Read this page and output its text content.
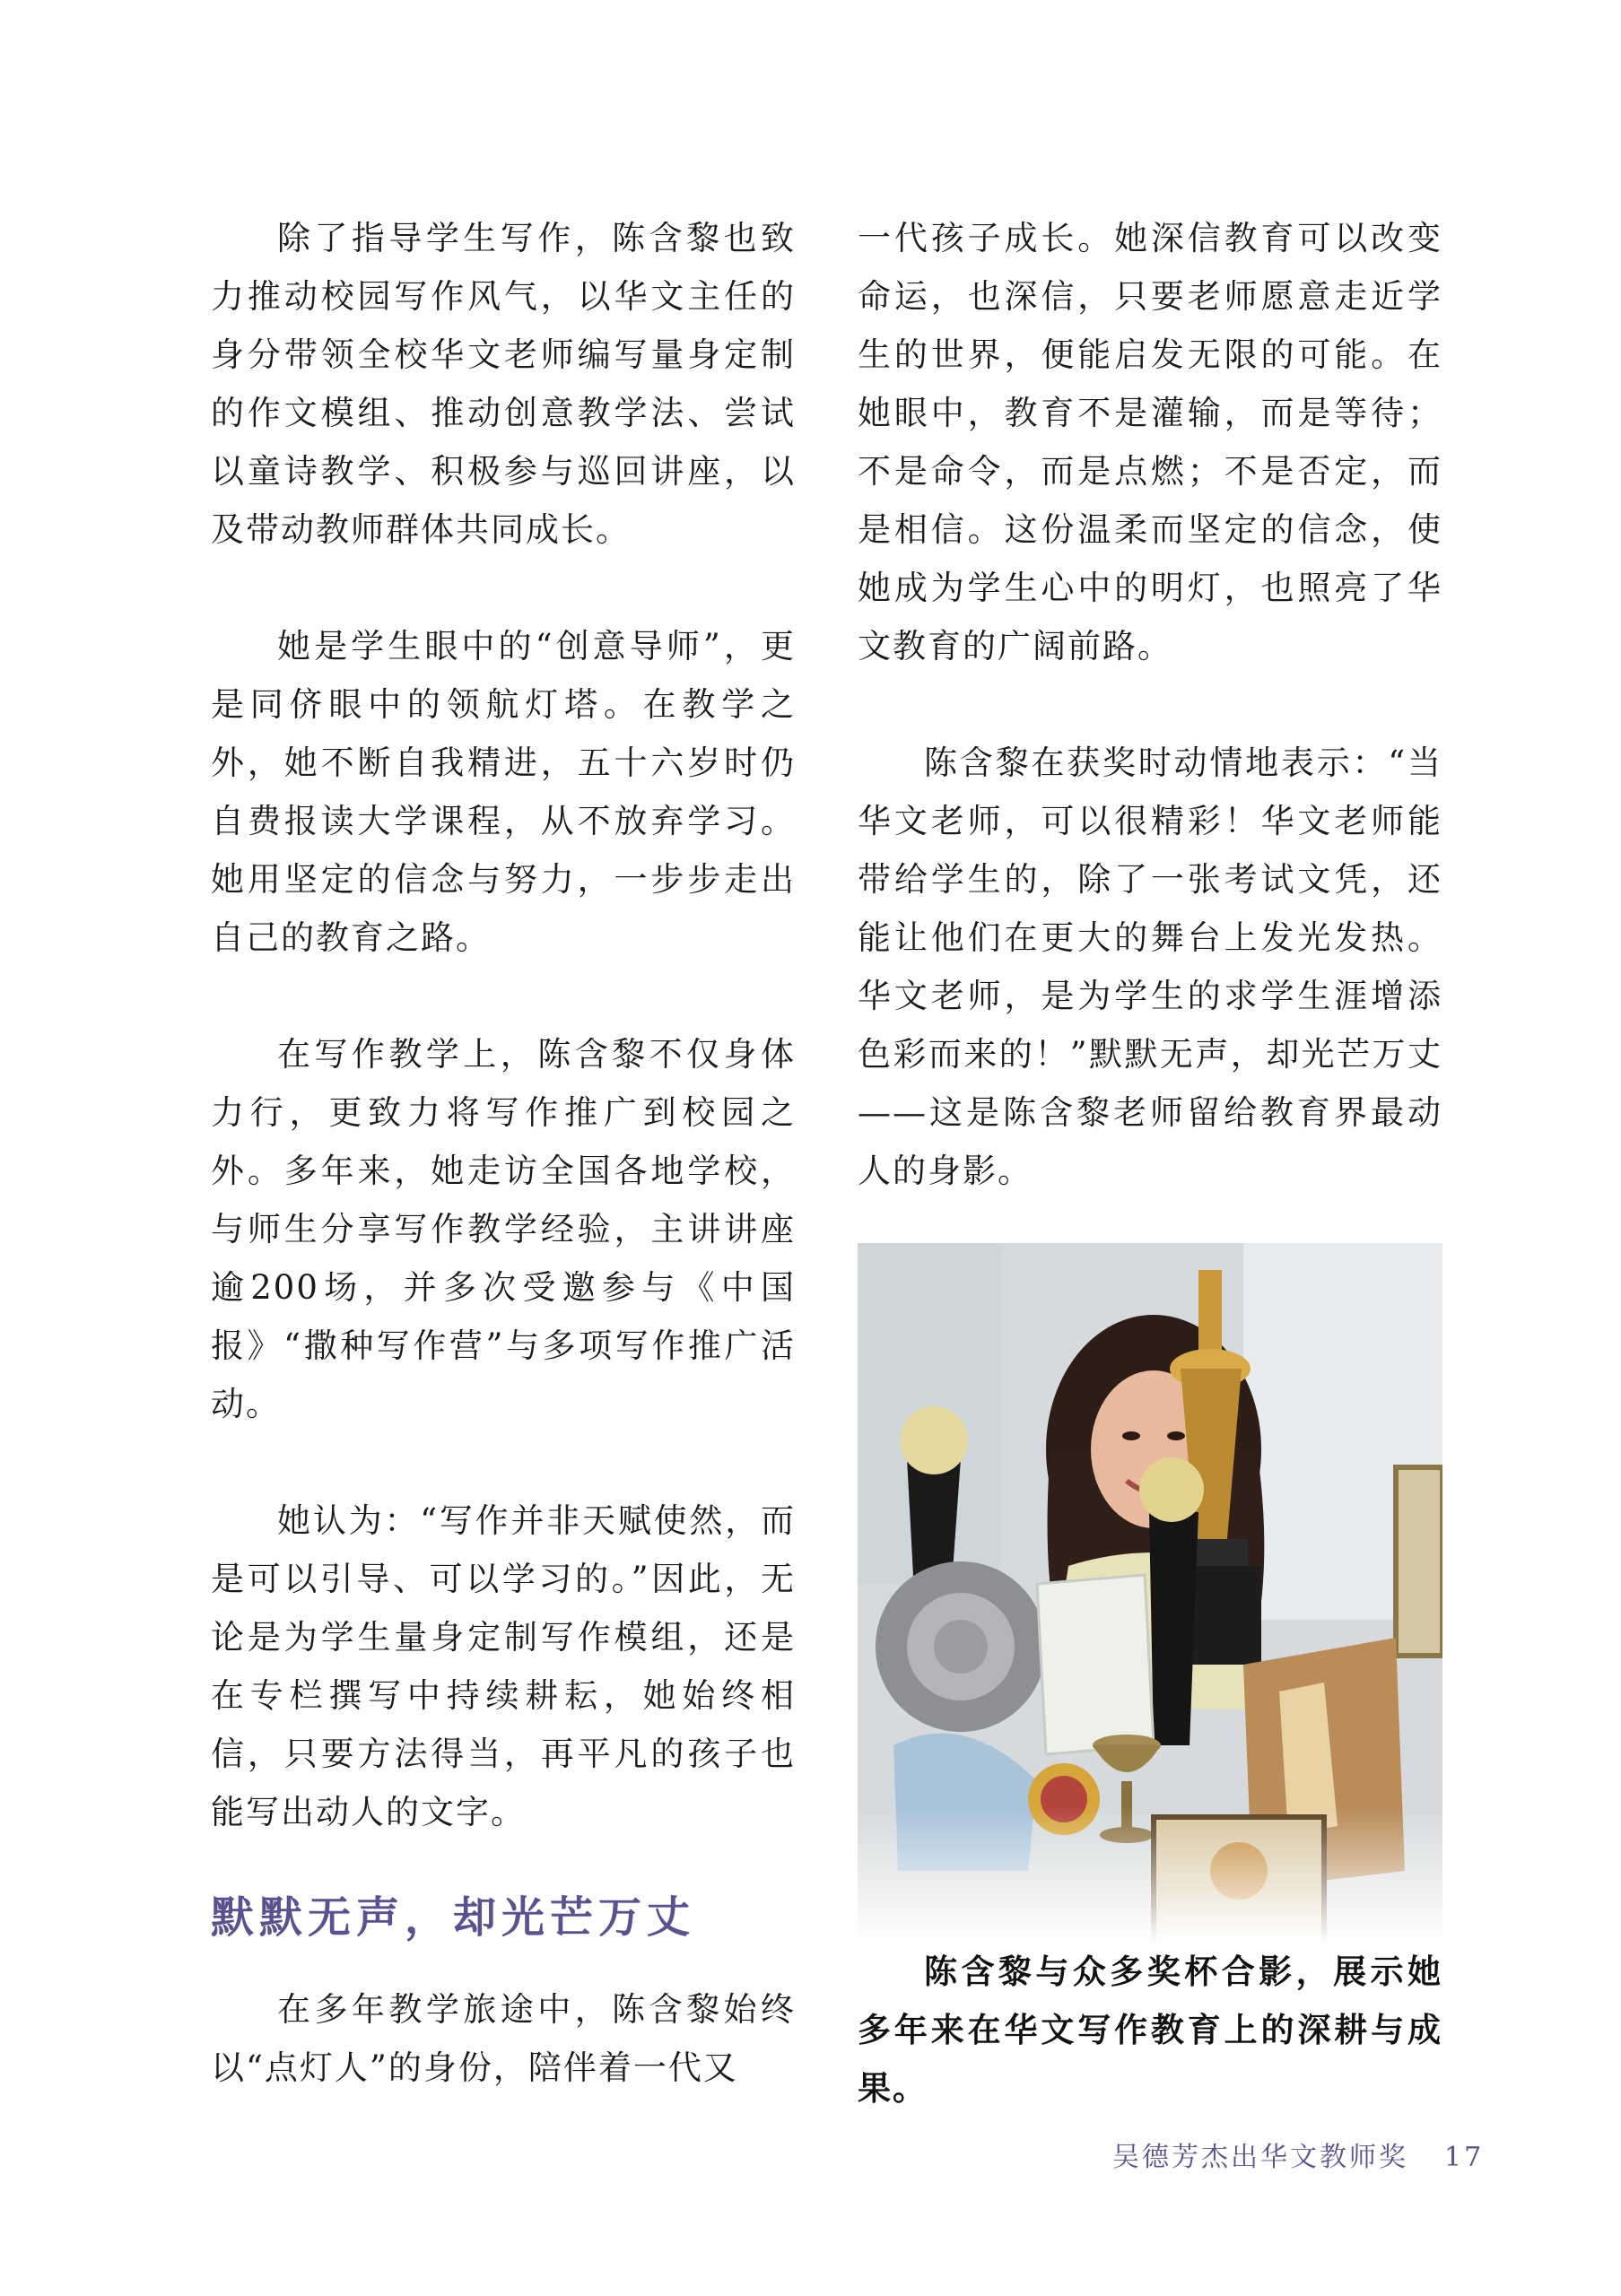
除了指导学生写作，陈含黎也致力推动校园写作风气，以华文主任的身分带领全校华文老师编写量身定制的作文模组、推动创意教学法、尝试以童诗教学、积极参与巡回讲座，以及带动教师群体共同成长。

她是学生眼中的“创意导师”，更是同侪眼中的领航灯塔。在教学之外，她不断自我精进，五十六岁时仍自费报读大学课程，从不放弃学习。她用坚定的信念与努力，一步步走出自己的教育之路。

在写作教学上，陈含黎不仅身体力行，更致力将写作推广到校园之外。多年来，她走访全国各地学校，与师生分享写作教学经验，主讲讲座逾200场，并多次受邀参与《中国报》“撒种写作营”与多项写作推广活动。

她认为：“写作并非天赋使然，而是可以引导、可以学习的。”因此，无论是为学生量身定制写作模组，还是在专栏撰写中持续耕耘，她始终相信，只要方法得当，再平凡的孩子也能写出动人的文字。

默默无声，却光芒万丈

在多年教学旅途中，陈含黎始终以“点灯人”的身份，陪伴着一代又

一代孩子成长。她深信教育可以改变命运，也深信，只要老师愿意走近学生的世界，便能启发无限的可能。在她眼中，教育不是灌输，而是等待；不是命令，而是点燃；不是否定，而是相信。这份温柔而坚定的信念，使她成为学生心中的明灯，也照亮了华文教育的广阔前路。

陈含黎在获奖时动情地表示：“当华文老师，可以很精彩！华文老师能带给学生的，除了一张考试文凭，还能让他们在更大的舞台上发光发热。华文老师，是为学生的求学生涯增添色彩而来的！”默默无声，却光芒万丈——这是陈含黎老师留给教育界最动人的身影。

陈含黎与众多奖杯合影，展示她多年来在华文写作教育上的深耕与成果。

吴德芳杰出华文教师奖 17
